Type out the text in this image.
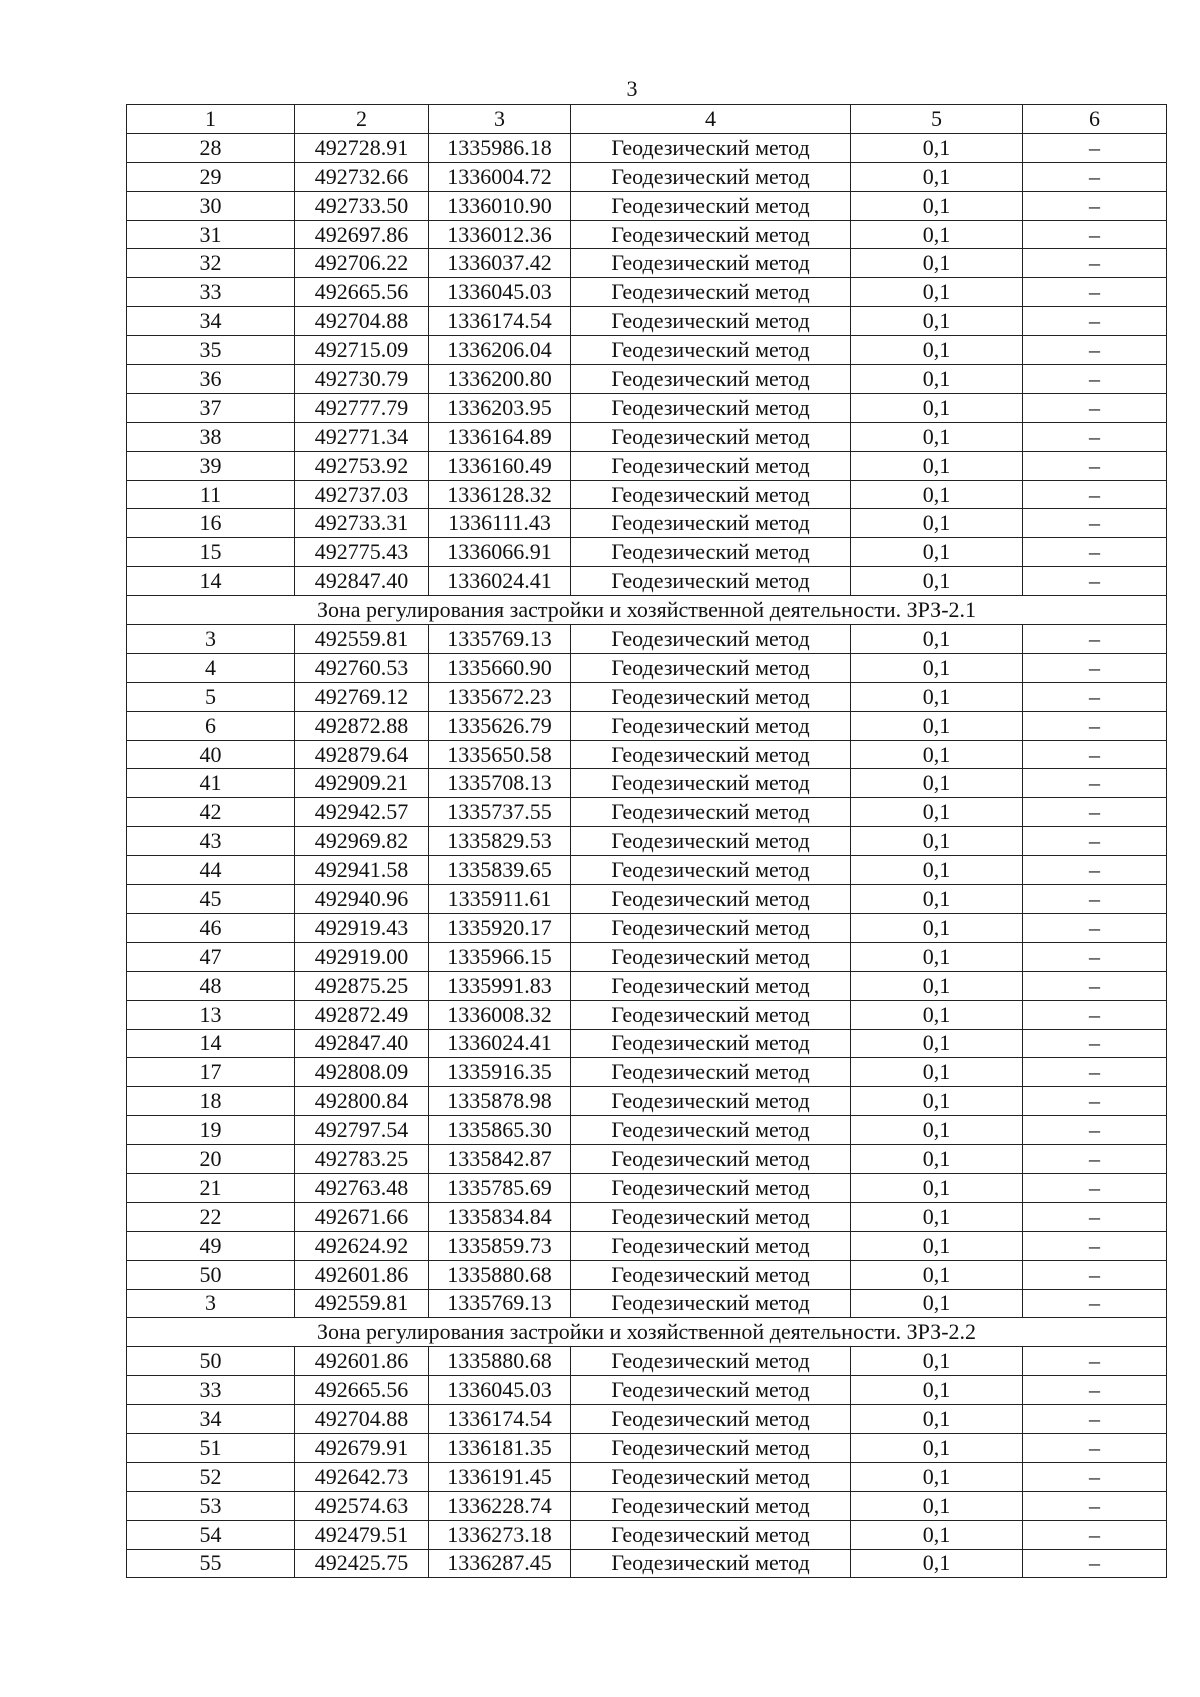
3
1	2	3	4	5	6
28	492728.91	1335986.18	Геодезический метод	0,1	–
29	492732.66	1336004.72	Геодезический метод	0,1	–
30	492733.50	1336010.90	Геодезический метод	0,1	–
31	492697.86	1336012.36	Геодезический метод	0,1	–
32	492706.22	1336037.42	Геодезический метод	0,1	–
33	492665.56	1336045.03	Геодезический метод	0,1	–
34	492704.88	1336174.54	Геодезический метод	0,1	–
35	492715.09	1336206.04	Геодезический метод	0,1	–
36	492730.79	1336200.80	Геодезический метод	0,1	–
37	492777.79	1336203.95	Геодезический метод	0,1	–
38	492771.34	1336164.89	Геодезический метод	0,1	–
39	492753.92	1336160.49	Геодезический метод	0,1	–
11	492737.03	1336128.32	Геодезический метод	0,1	–
16	492733.31	1336111.43	Геодезический метод	0,1	–
15	492775.43	1336066.91	Геодезический метод	0,1	–
14	492847.40	1336024.41	Геодезический метод	0,1	–
Зона регулирования застройки и хозяйственной деятельности. ЗРЗ-2.1					
3	492559.81	1335769.13	Геодезический метод	0,1	–
4	492760.53	1335660.90	Геодезический метод	0,1	–
5	492769.12	1335672.23	Геодезический метод	0,1	–
6	492872.88	1335626.79	Геодезический метод	0,1	–
40	492879.64	1335650.58	Геодезический метод	0,1	–
41	492909.21	1335708.13	Геодезический метод	0,1	–
42	492942.57	1335737.55	Геодезический метод	0,1	–
43	492969.82	1335829.53	Геодезический метод	0,1	–
44	492941.58	1335839.65	Геодезический метод	0,1	–
45	492940.96	1335911.61	Геодезический метод	0,1	–
46	492919.43	1335920.17	Геодезический метод	0,1	–
47	492919.00	1335966.15	Геодезический метод	0,1	–
48	492875.25	1335991.83	Геодезический метод	0,1	–
13	492872.49	1336008.32	Геодезический метод	0,1	–
14	492847.40	1336024.41	Геодезический метод	0,1	–
17	492808.09	1335916.35	Геодезический метод	0,1	–
18	492800.84	1335878.98	Геодезический метод	0,1	–
19	492797.54	1335865.30	Геодезический метод	0,1	–
20	492783.25	1335842.87	Геодезический метод	0,1	–
21	492763.48	1335785.69	Геодезический метод	0,1	–
22	492671.66	1335834.84	Геодезический метод	0,1	–
49	492624.92	1335859.73	Геодезический метод	0,1	–
50	492601.86	1335880.68	Геодезический метод	0,1	–
3	492559.81	1335769.13	Геодезический метод	0,1	–
Зона регулирования застройки и хозяйственной деятельности. ЗРЗ-2.2					
50	492601.86	1335880.68	Геодезический метод	0,1	–
33	492665.56	1336045.03	Геодезический метод	0,1	–
34	492704.88	1336174.54	Геодезический метод	0,1	–
51	492679.91	1336181.35	Геодезический метод	0,1	–
52	492642.73	1336191.45	Геодезический метод	0,1	–
53	492574.63	1336228.74	Геодезический метод	0,1	–
54	492479.51	1336273.18	Геодезический метод	0,1	–
55	492425.75	1336287.45	Геодезический метод	0,1	–
